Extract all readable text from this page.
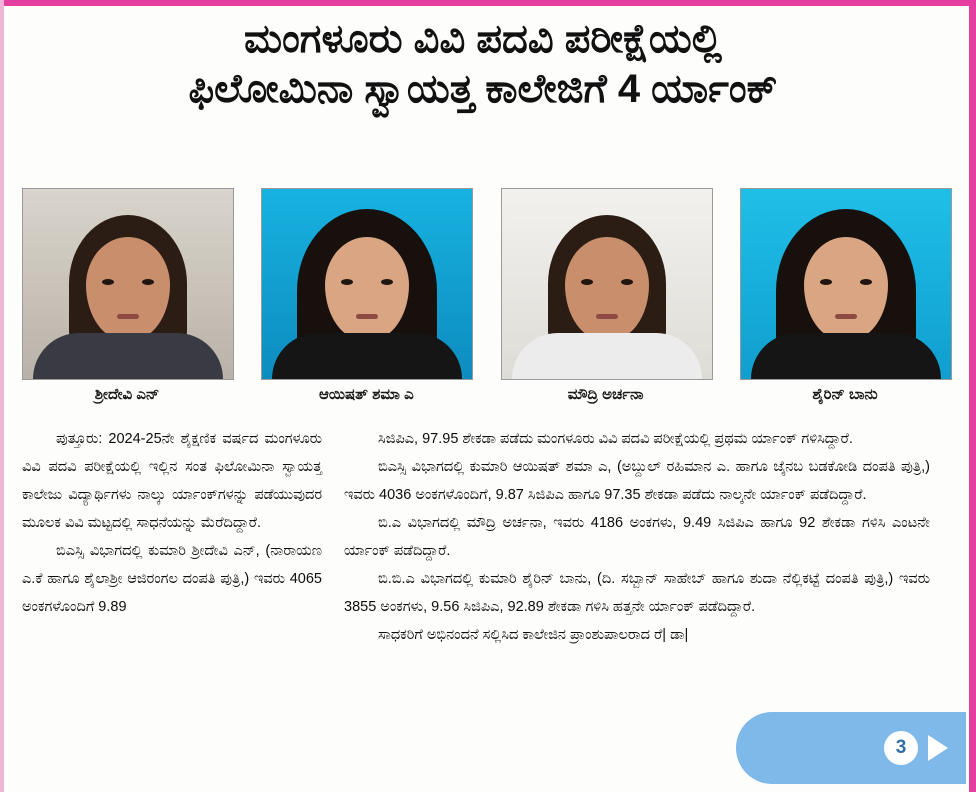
ಮಂಗಳೂರು ವಿವಿ ಪದವಿ ಪರೀಕ್ಷೆಯಲ್ಲಿ
ಫಿಲೋಮಿನಾ ಸ್ವಾಯತ್ತ ಕಾಲೇಜಿಗೆ 4 ರ್ಯಾಂಕ್
ಶ್ರೀದೇವಿ ಎನ್	ಆಯಿಷತ್ ಶಮಾ ಎ	ಮೌದ್ರಿ ಅರ್ಚನಾ	ಶೈರಿನ್ ಬಾನು

ಪುತ್ತೂರು: 2024-25ನೇ ಶೈಕ್ಷಣಿಕ ವರ್ಷದ ಮಂಗಳೂರು ವಿವಿ ಪದವಿ ಪರೀಕ್ಷೆಯಲ್ಲಿ ಇಲ್ಲಿನ ಸಂತ ಫಿಲೋಮಿನಾ ಸ್ವಾಯತ್ತ ಕಾಲೇಜು ವಿದ್ಯಾರ್ಥಿಗಳು ನಾಲ್ಕು ರ್ಯಾಂಕ್‌ಗಳನ್ನು ಪಡೆಯುವುದರ ಮೂಲಕ ವಿವಿ ಮಟ್ಟದಲ್ಲಿ ಸಾಧನೆಯನ್ನು ಮೆರೆದಿದ್ದಾರೆ.

ಬಿಎಸ್ಸಿ ವಿಭಾಗದಲ್ಲಿ ಕುಮಾರಿ ಶ್ರೀದೇವಿ ಎನ್, (ನಾರಾಯಣ ಎ.ಕೆ ಹಾಗೂ ಶೈಲಾಶ್ರೀ ಆಜಿರಂಗಲ ದಂಪತಿ ಪುತ್ರಿ,) ಇವರು 4065 ಅಂಕಗಳೊಂದಿಗೆ 9.89

ಸಿಜಿಪಿಎ, 97.95 ಶೇಕಡಾ ಪಡೆದು ಮಂಗಳೂರು ವಿವಿ ಪದವಿ ಪರೀಕ್ಷೆಯಲ್ಲಿ ಪ್ರಥಮ ರ್ಯಾಂಕ್ ಗಳಿಸಿದ್ದಾರೆ.

ಬಿಎಸ್ಸಿ ವಿಭಾಗದಲ್ಲಿ ಕುಮಾರಿ ಆಯಿಷತ್ ಶಮಾ ಎ, (ಅಬ್ದುಲ್ ರಹಿಮಾನ ಎ. ಹಾಗೂ ಜೈನಬ ಬಡಕೋಡಿ ದಂಪತಿ ಪುತ್ರಿ,) ಇವರು 4036 ಅಂಕಗಳೊಂದಿಗೆ, 9.87 ಸಿಜಿಪಿಎ ಹಾಗೂ 97.35 ಶೇಕಡಾ ಪಡೆದು ನಾಲ್ಕನೇ ರ್ಯಾಂಕ್ ಪಡೆದಿದ್ದಾರೆ.

ಬಿ.ಎ ವಿಭಾಗದಲ್ಲಿ ಮೌದ್ರಿ ಅರ್ಚನಾ, ಇವರು 4186 ಅಂಕಗಳು, 9.49 ಸಿಜಿಪಿಎ ಹಾಗೂ 92 ಶೇಕಡಾ ಗಳಿಸಿ ಎಂಟನೇ ರ್ಯಾಂಕ್ ಪಡೆದಿದ್ದಾರೆ.

ಬಿ.ಬಿ.ಎ ವಿಭಾಗದಲ್ಲಿ ಕುಮಾರಿ ಶೈರಿನ್ ಬಾನು, (ದಿ. ಸಬ್ಬಾನ್ ಸಾಹೇಬ್ ಹಾಗೂ ಶುದಾ ನೆಲ್ಲಿಕಟ್ಟೆ ದಂಪತಿ ಪುತ್ರಿ,) ಇವರು 3855 ಅಂಕಗಳು, 9.56 ಸಿಜಿಪಿಎ, 92.89 ಶೇಕಡಾ ಗಳಿಸಿ ಹತ್ತನೇ ರ್ಯಾಂಕ್ ಪಡೆದಿದ್ದಾರೆ.

ಸಾಧಕರಿಗೆ ಅಭಿನಂದನೆ ಸಲ್ಲಿಸಿದ ಕಾಲೇಜಿನ ಪ್ರಾಂಶುಪಾಲರಾದ ರೆ| ಡಾ|

3
